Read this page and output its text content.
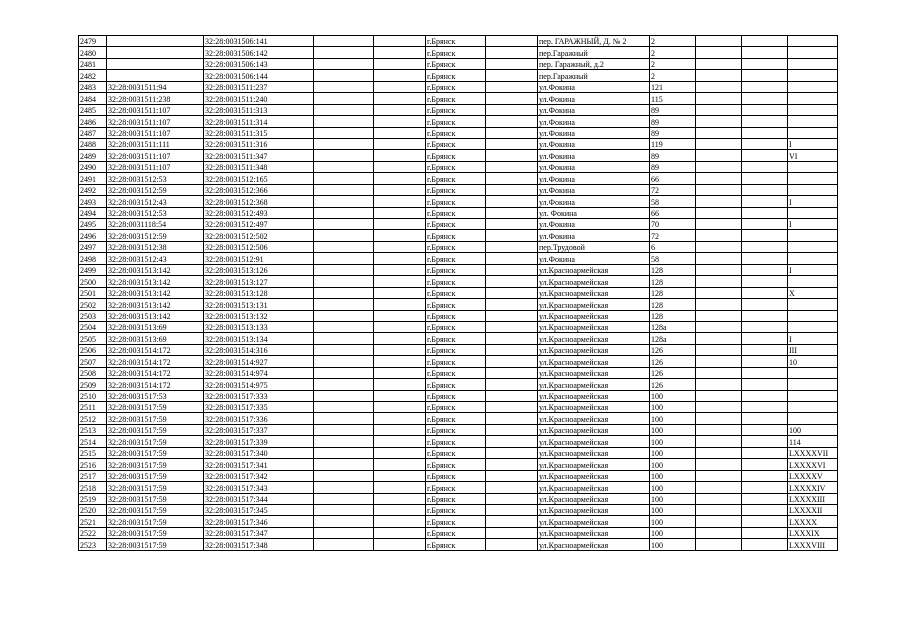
2479		32:28:0031506:141			г.Брянск		пер. ГАРАЖНЫЙ, Д. № 2	2			
2480		32:28:0031506:142			г.Брянск		пер.Гаражный	2			
2481		32:28:0031506:143			г.Брянск		пер. Гаражный, д.2	2			
2482		32:28:0031506:144			г.Брянск		пер.Гаражный	2			
2483	32:28:0031511:94	32:28:0031511:237			г.Брянск		ул.Фокина	121			
2484	32:28:0031511:238	32:28:0031511:240			г.Брянск		ул.Фокина	115			
2485	32:28:0031511:107	32:28:0031511:313			г.Брянск		ул.Фокина	89			
2486	32:28:0031511:107	32:28:0031511:314			г.Брянск		ул.Фокина	89			
2487	32:28:0031511:107	32:28:0031511:315			г.Брянск		ул.Фокина	89			
2488	32:28:0031511:111	32:28:0031511:316			г.Брянск		ул.Фокина	119			I
2489	32:28:0031511:107	32:28:0031511:347			г.Брянск		ул.Фокина	89			VI
2490	32:28:0031511:107	32:28:0031511:348			г.Брянск		ул.Фокина	89			
2491	32:28:0031512:53	32:28:0031512:165			г.Брянск		ул.Фокина	66			
2492	32:28:0031512:59	32:28:0031512:366			г.Брянск		ул.Фокина	72			
2493	32:28:0031512:43	32:28:0031512:368			г.Брянск		ул.Фокина	58			I
2494	32:28:0031512:53	32:28:0031512:493			г.Брянск		ул. Фокина	66			
2495	32:28:0031118:54	32:28:0031512:497			г.Брянск		ул.Фокина	70			I
2496	32:28:0031512:59	32:28:0031512:502			г.Брянск		ул.Фокина	72			
2497	32:28:0031512:38	32:28:0031512:506			г.Брянск		пер.Трудовой	6			
2498	32:28:0031512:43	32:28:0031512:91			г.Брянск		ул.Фокина	58			
2499	32:28:0031513:142	32:28:0031513:126			г.Брянск		ул.Красноармейская	128			I
2500	32:28:0031513:142	32:28:0031513:127			г.Брянск		ул.Красноармейская	128			
2501	32:28:0031513:142	32:28:0031513:128			г.Брянск		ул.Красноармейская	128			X
2502	32:28:0031513:142	32:28:0031513:131			г.Брянск		ул.Красноармейская	128			
2503	32:28:0031513:142	32:28:0031513:132			г.Брянск		ул.Красноармейская	128			
2504	32:28:0031513:69	32:28:0031513:133			г.Брянск		ул.Красноармейская	128а			
2505	32:28:0031513:69	32:28:0031513:134			г.Брянск		ул.Красноармейская	128а			I
2506	32:28:0031514:172	32:28:0031514:316			г.Брянск		ул.Красноармейская	126			III
2507	32:28:0031514:172	32:28:0031514:927			г.Брянск		ул.Красноармейская	126			10
2508	32:28:0031514:172	32:28:0031514:974			г.Брянск		ул.Красноармейская	126			
2509	32:28:0031514:172	32:28:0031514:975			г.Брянск		ул.Красноармейская	126			
2510	32:28:0031517:53	32:28:0031517:333			г.Брянск		ул.Красноармейская	100			
2511	32:28:0031517:59	32:28:0031517:335			г.Брянск		ул.Красноармейская	100			
2512	32:28:0031517:59	32:28:0031517:336			г.Брянск		ул.Красноармейская	100			
2513	32:28:0031517:59	32:28:0031517:337			г.Брянск		ул.Красноармейская	100			100
2514	32:28:0031517:59	32:28:0031517:339			г.Брянск		ул.Красноармейская	100			114
2515	32:28:0031517:59	32:28:0031517:340			г.Брянск		ул.Красноармейская	100			LXXXXVII
2516	32:28:0031517:59	32:28:0031517:341			г.Брянск		ул.Красноармейская	100			LXXXXVI
2517	32:28:0031517:59	32:28:0031517:342			г.Брянск		ул.Красноармейская	100			LXXXXV
2518	32:28:0031517:59	32:28:0031517:343			г.Брянск		ул.Красноармейская	100			LXXXXIV
2519	32:28:0031517:59	32:28:0031517:344			г.Брянск		ул.Красноармейская	100			LXXXXIII
2520	32:28:0031517:59	32:28:0031517:345			г.Брянск		ул.Красноармейская	100			LXXXXII
2521	32:28:0031517:59	32:28:0031517:346			г.Брянск		ул.Красноармейская	100			LXXXX
2522	32:28:0031517:59	32:28:0031517:347			г.Брянск		ул.Красноармейская	100			LXXXIX
2523	32:28:0031517:59	32:28:0031517:348			г.Брянск		ул.Красноармейская	100			LXXXVIII
